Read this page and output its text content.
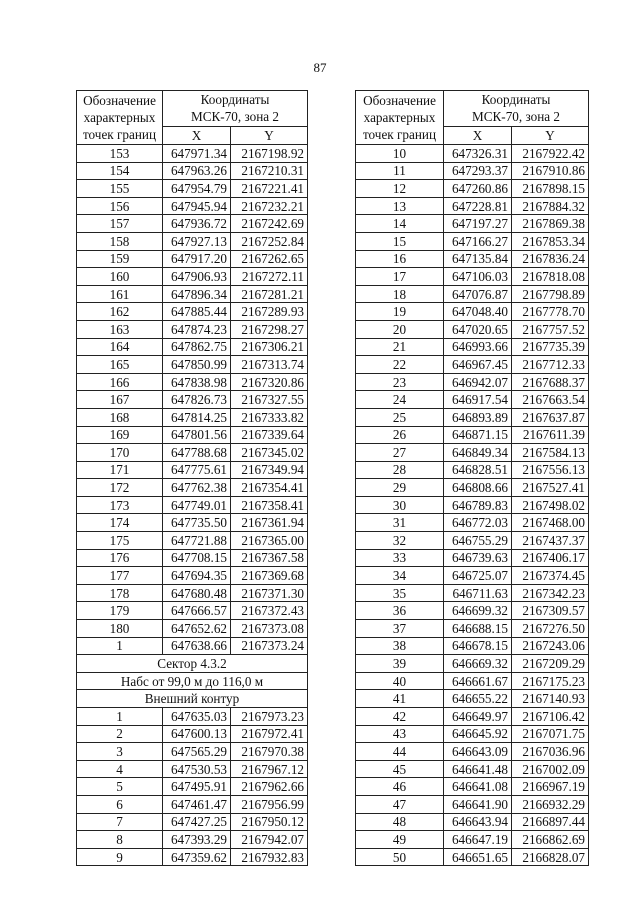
87
Обозначение
характерных
точек границ	Координаты
МСК-70, зона 2	
	X	Y
153	647971.34	2167198.92
154	647963.26	2167210.31
155	647954.79	2167221.41
156	647945.94	2167232.21
157	647936.72	2167242.69
158	647927.13	2167252.84
159	647917.20	2167262.65
160	647906.93	2167272.11
161	647896.34	2167281.21
162	647885.44	2167289.93
163	647874.23	2167298.27
164	647862.75	2167306.21
165	647850.99	2167313.74
166	647838.98	2167320.86
167	647826.73	2167327.55
168	647814.25	2167333.82
169	647801.56	2167339.64
170	647788.68	2167345.02
171	647775.61	2167349.94
172	647762.38	2167354.41
173	647749.01	2167358.41
174	647735.50	2167361.94
175	647721.88	2167365.00
176	647708.15	2167367.58
177	647694.35	2167369.68
178	647680.48	2167371.30
179	647666.57	2167372.43
180	647652.62	2167373.08
1	647638.66	2167373.24
Сектор 4.3.2		
Набс от 99,0 м до 116,0 м		
Внешний контур		
1	647635.03	2167973.23
2	647600.13	2167972.41
3	647565.29	2167970.38
4	647530.53	2167967.12
5	647495.91	2167962.66
6	647461.47	2167956.99
7	647427.25	2167950.12
8	647393.29	2167942.07
9	647359.62	2167932.83
Обозначение
характерных
точек границ	Координаты
МСК-70, зона 2	
	X	Y
10	647326.31	2167922.42
11	647293.37	2167910.86
12	647260.86	2167898.15
13	647228.81	2167884.32
14	647197.27	2167869.38
15	647166.27	2167853.34
16	647135.84	2167836.24
17	647106.03	2167818.08
18	647076.87	2167798.89
19	647048.40	2167778.70
20	647020.65	2167757.52
21	646993.66	2167735.39
22	646967.45	2167712.33
23	646942.07	2167688.37
24	646917.54	2167663.54
25	646893.89	2167637.87
26	646871.15	2167611.39
27	646849.34	2167584.13
28	646828.51	2167556.13
29	646808.66	2167527.41
30	646789.83	2167498.02
31	646772.03	2167468.00
32	646755.29	2167437.37
33	646739.63	2167406.17
34	646725.07	2167374.45
35	646711.63	2167342.23
36	646699.32	2167309.57
37	646688.15	2167276.50
38	646678.15	2167243.06
39	646669.32	2167209.29
40	646661.67	2167175.23
41	646655.22	2167140.93
42	646649.97	2167106.42
43	646645.92	2167071.75
44	646643.09	2167036.96
45	646641.48	2167002.09
46	646641.08	2166967.19
47	646641.90	2166932.29
48	646643.94	2166897.44
49	646647.19	2166862.69
50	646651.65	2166828.07
